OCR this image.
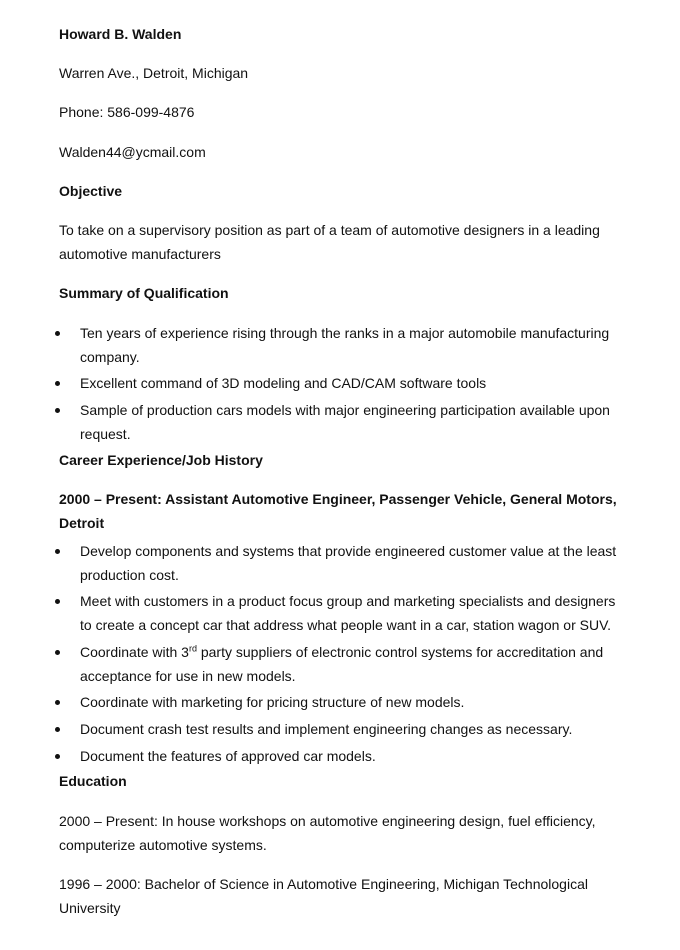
Howard B. Walden
Warren Ave., Detroit, Michigan
Phone: 586-099-4876
Walden44@ycmail.com
Objective
To take on a supervisory position as part of a team of automotive designers in a leading automotive manufacturers
Summary of Qualification
Ten years of experience rising through the ranks in a major automobile manufacturing company.
Excellent command of 3D modeling and CAD/CAM software tools
Sample of production cars models with major engineering participation available upon request.
Career Experience/Job History
2000 – Present: Assistant Automotive Engineer, Passenger Vehicle, General Motors, Detroit
Develop components and systems that provide engineered customer value at the least production cost.
Meet with customers in a product focus group and marketing specialists and designers to create a concept car that address what people want in a car, station wagon or SUV.
Coordinate with 3rd party suppliers of electronic control systems for accreditation and acceptance for use in new models.
Coordinate with marketing for pricing structure of new models.
Document crash test results and implement engineering changes as necessary.
Document the features of approved car models.
Education
2000 – Present: In house workshops on automotive engineering design, fuel efficiency, computerize automotive systems.
1996 – 2000: Bachelor of Science in Automotive Engineering, Michigan Technological University
